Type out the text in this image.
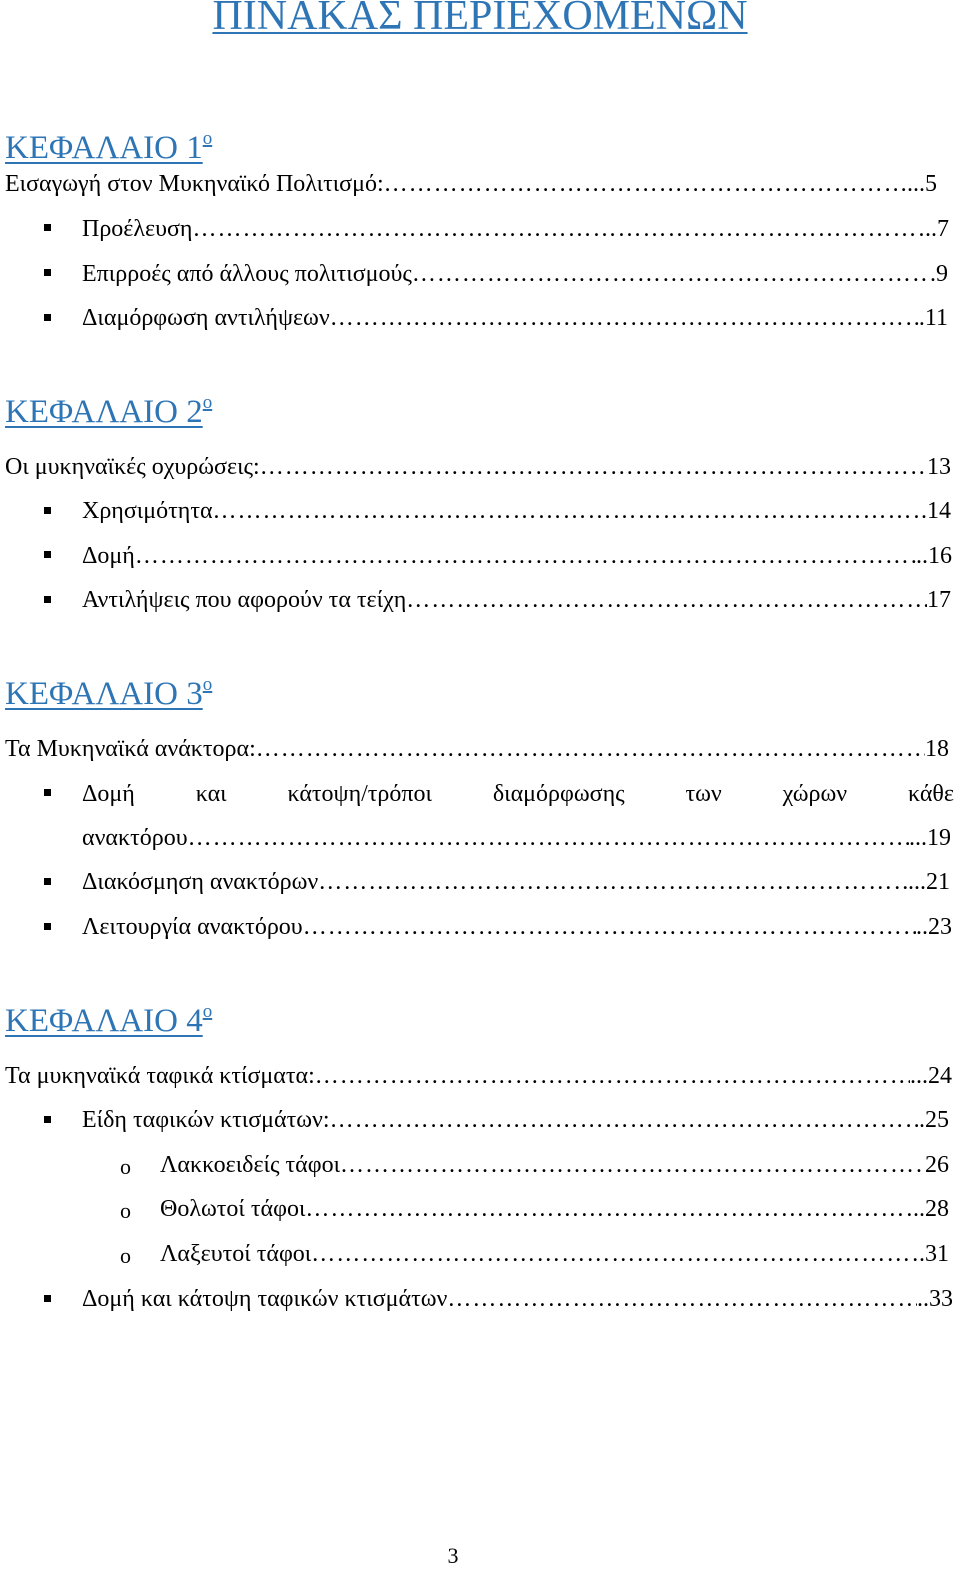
ΠΙΝΑΚΑΣ ΠΕΡΙΕΧΟΜΕΝΩΝ
ΚΕΦΑΛΑΙΟ $1^o$
Εισαγωγή στον Μυκηναϊκό Πολιτισμό: …………………………………………………………………………………………………………………………………………………………………………………………………………	...5
Προέλευση …………………………………………………………………………………………………………………………………………………………………………………………………………	..7
Επιρροές από άλλους πολιτισμούς …………………………………………………………………………………………………………………………………………………………………………………………………………	.9
Διαμόρφωση αντιλήψεων …………………………………………………………………………………………………………………………………………………………………………………………………………	.11
ΚΕΦΑΛΑΙΟ $2^o$
Οι μυκηναϊκές οχυρώσεις: …………………………………………………………………………………………………………………………………………………………………………………………………………	13
Χρησιμότητα …………………………………………………………………………………………………………………………………………………………………………………………………………	.14
Δομή …………………………………………………………………………………………………………………………………………………………………………………………………………	..16
Αντιλήψεις που αφορούν τα τείχη …………………………………………………………………………………………………………………………………………………………………………………………………………	17
ΚΕΦΑΛΑΙΟ $3^o$
Τα Μυκηναϊκά ανάκτορα: …………………………………………………………………………………………………………………………………………………………………………………………………………	18
Δομή	και	κάτοψη/τρόποι	διαμόρφωσης	των	χώρων	κάθε
ανακτόρου …………………………………………………………………………………………………………………………………………………………………………………………………………	...19
Διακόσμηση ανακτόρων …………………………………………………………………………………………………………………………………………………………………………………………………………	...21
Λειτουργία ανακτόρου …………………………………………………………………………………………………………………………………………………………………………………………………………	..23
ΚΕΦΑΛΑΙΟ $4^o$
Τα μυκηναϊκά ταφικά κτίσματα: …………………………………………………………………………………………………………………………………………………………………………………………………………	...24
Είδη ταφικών κτισμάτων: …………………………………………………………………………………………………………………………………………………………………………………………………………	.25
o Λακκοειδείς τάφοι …………………………………………………………………………………………………………………………………………………………………………………………………………	26
o Θολωτοί τάφοι …………………………………………………………………………………………………………………………………………………………………………………………………………	..28
o Λαξευτοί τάφοι …………………………………………………………………………………………………………………………………………………………………………………………………………	.31
Δομή και κάτοψη ταφικών κτισμάτων …………………………………………………………………………………………………………………………………………………………………………………………………………	..33
3
